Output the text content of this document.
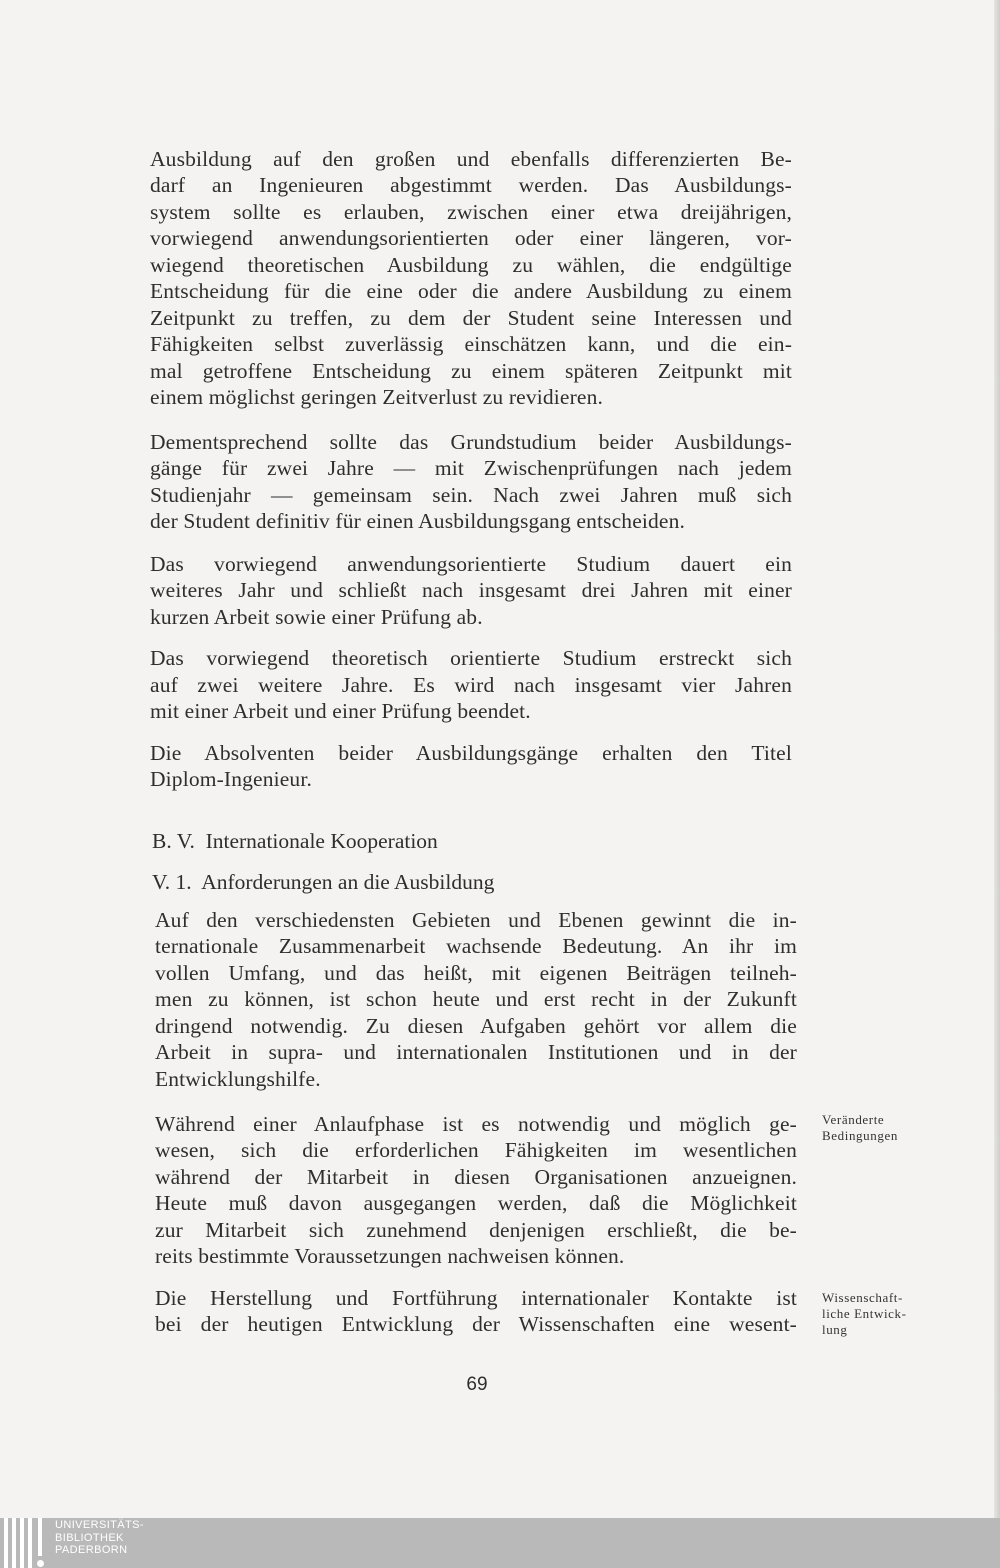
Ausbildung auf den großen und ebenfalls differenzierten Be-
darf an Ingenieuren abgestimmt werden. Das Ausbildungs-
system sollte es erlauben, zwischen einer etwa dreijährigen,
vorwiegend anwendungsorientierten oder einer längeren, vor-
wiegend theoretischen Ausbildung zu wählen, die endgültige
Entscheidung für die eine oder die andere Ausbildung zu einem
Zeitpunkt zu treffen, zu dem der Student seine Interessen und
Fähigkeiten selbst zuverlässig einschätzen kann, und die ein-
mal getroffene Entscheidung zu einem späteren Zeitpunkt mit
einem möglichst geringen Zeitverlust zu revidieren.
Dementsprechend sollte das Grundstudium beider Ausbildungs-
gänge für zwei Jahre — mit Zwischenprüfungen nach jedem
Studienjahr — gemeinsam sein. Nach zwei Jahren muß sich
der Student definitiv für einen Ausbildungsgang entscheiden.
Das vorwiegend anwendungsorientierte Studium dauert ein
weiteres Jahr und schließt nach insgesamt drei Jahren mit einer
kurzen Arbeit sowie einer Prüfung ab.
Das vorwiegend theoretisch orientierte Studium erstreckt sich
auf zwei weitere Jahre. Es wird nach insgesamt vier Jahren
mit einer Arbeit und einer Prüfung beendet.
Die Absolventen beider Ausbildungsgänge erhalten den Titel
Diplom-Ingenieur.
B. V.  Internationale Kooperation
V. 1.  Anforderungen an die Ausbildung
Auf den verschiedensten Gebieten und Ebenen gewinnt die in-
ternationale Zusammenarbeit wachsende Bedeutung. An ihr im
vollen Umfang, und das heißt, mit eigenen Beiträgen teilneh-
men zu können, ist schon heute und erst recht in der Zukunft
dringend notwendig. Zu diesen Aufgaben gehört vor allem die
Arbeit in supra- und internationalen Institutionen und in der
Entwicklungshilfe.
Während einer Anlaufphase ist es notwendig und möglich ge-
wesen, sich die erforderlichen Fähigkeiten im wesentlichen
während der Mitarbeit in diesen Organisationen anzueignen.
Heute muß davon ausgegangen werden, daß die Möglichkeit
zur Mitarbeit sich zunehmend denjenigen erschließt, die be-
reits bestimmte Voraussetzungen nachweisen können.
Die Herstellung und Fortführung internationaler Kontakte ist
bei der heutigen Entwicklung der Wissenschaften eine wesent-
Veränderte
Bedingungen
Wissenschaft-
liche Entwick-
lung
69
UNIVERSITÄTS-
BIBLIOTHEK
PADERBORN
